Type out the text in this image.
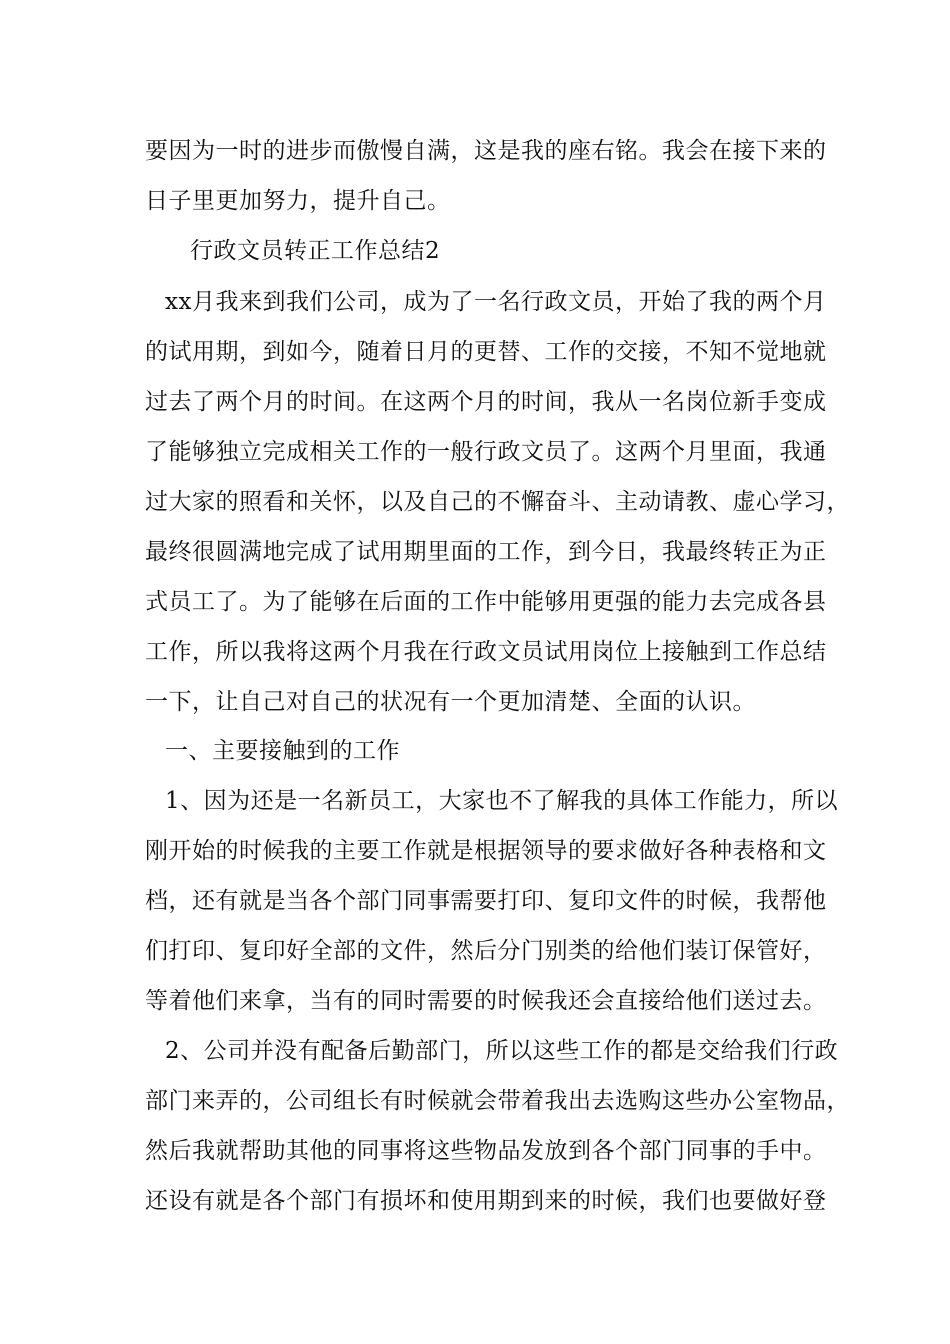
要因为一时的进步而傲慢自满，这是我的座右铭。我会在接下来的
日子里更加努力，提升自己。
行政文员转正工作总结2
xx月我来到我们公司，成为了一名行政文员，开始了我的两个月
的试用期，到如今，随着日月的更替、工作的交接，不知不觉地就
过去了两个月的时间。在这两个月的时间，我从一名岗位新手变成
了能够独立完成相关工作的一般行政文员了。这两个月里面，我通
过大家的照看和关怀，以及自己的不懈奋斗、主动请教、虚心学习，
最终很圆满地完成了试用期里面的工作，到今日，我最终转正为正
式员工了。为了能够在后面的工作中能够用更强的能力去完成各县
工作，所以我将这两个月我在行政文员试用岗位上接触到工作总结
一下，让自己对自己的状况有一个更加清楚、全面的认识。
一、主要接触到的工作
1、因为还是一名新员工，大家也不了解我的具体工作能力，所以
刚开始的时候我的主要工作就是根据领导的要求做好各种表格和文
档，还有就是当各个部门同事需要打印、复印文件的时候，我帮他
们打印、复印好全部的文件，然后分门别类的给他们装订保管好，
等着他们来拿，当有的同时需要的时候我还会直接给他们送过去。
2、公司并没有配备后勤部门，所以这些工作的都是交给我们行政
部门来弄的，公司组长有时候就会带着我出去选购这些办公室物品，
然后我就帮助其他的同事将这些物品发放到各个部门同事的手中。
还设有就是各个部门有损坏和使用期到来的时候，我们也要做好登
